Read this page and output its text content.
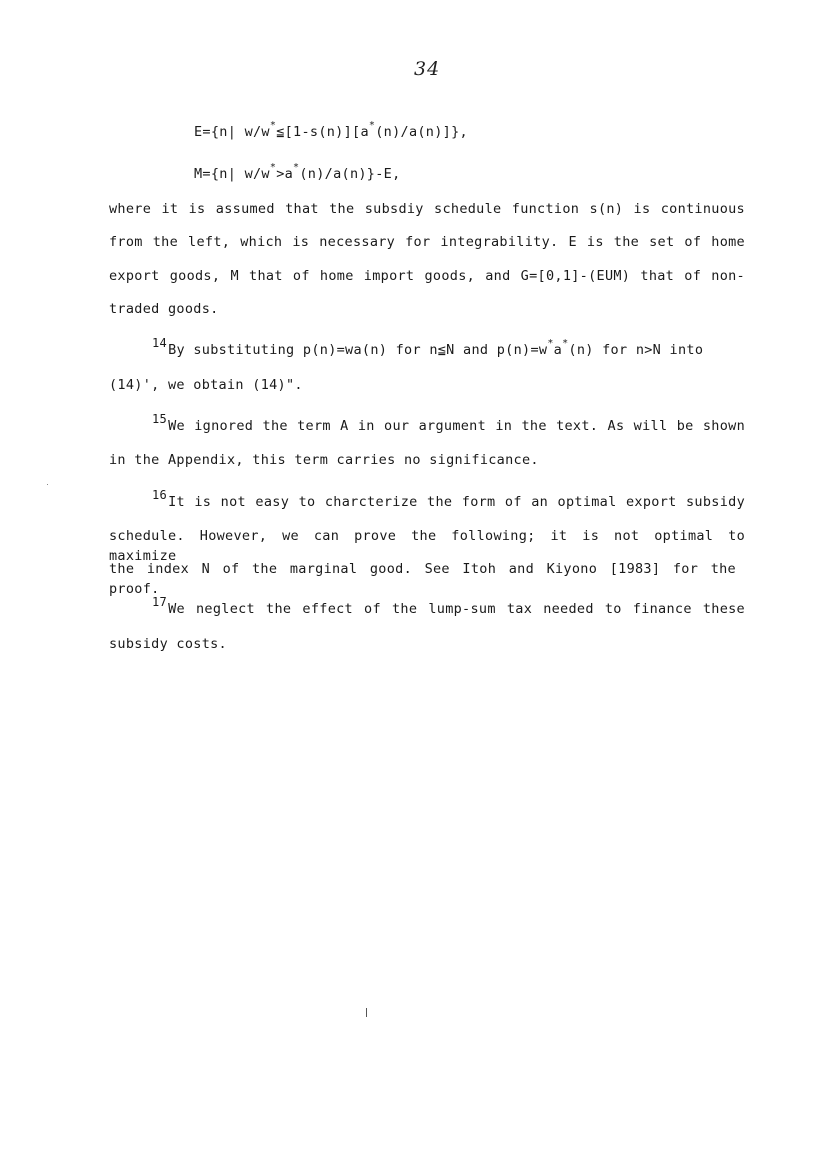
34
E={n| w/w*≦[1-s(n)][a*(n)/a(n)]},
M={n| w/w*>a*(n)/a(n)}-E,
where it is assumed that the subsdiy schedule function s(n) is continuous
from the left, which is necessary for integrability. E is the set of home
export goods, M that of home import goods, and G=[0,1]-(EUM) that of non-
traded goods.
14By substituting p(n)=wa(n) for n≦N and p(n)=w*a*(n) for n>N into
(14)', we obtain (14)".
15We ignored the term A in our argument in the text. As will be shown
in the Appendix, this term carries no significance.
16It is not easy to charcterize the form of an optimal export subsidy
schedule. However, we can prove the following; it is not optimal to maximize
the index N of the marginal good. See Itoh and Kiyono [1983] for the proof.
17We neglect the effect of the lump-sum tax needed to finance these
subsidy costs.
